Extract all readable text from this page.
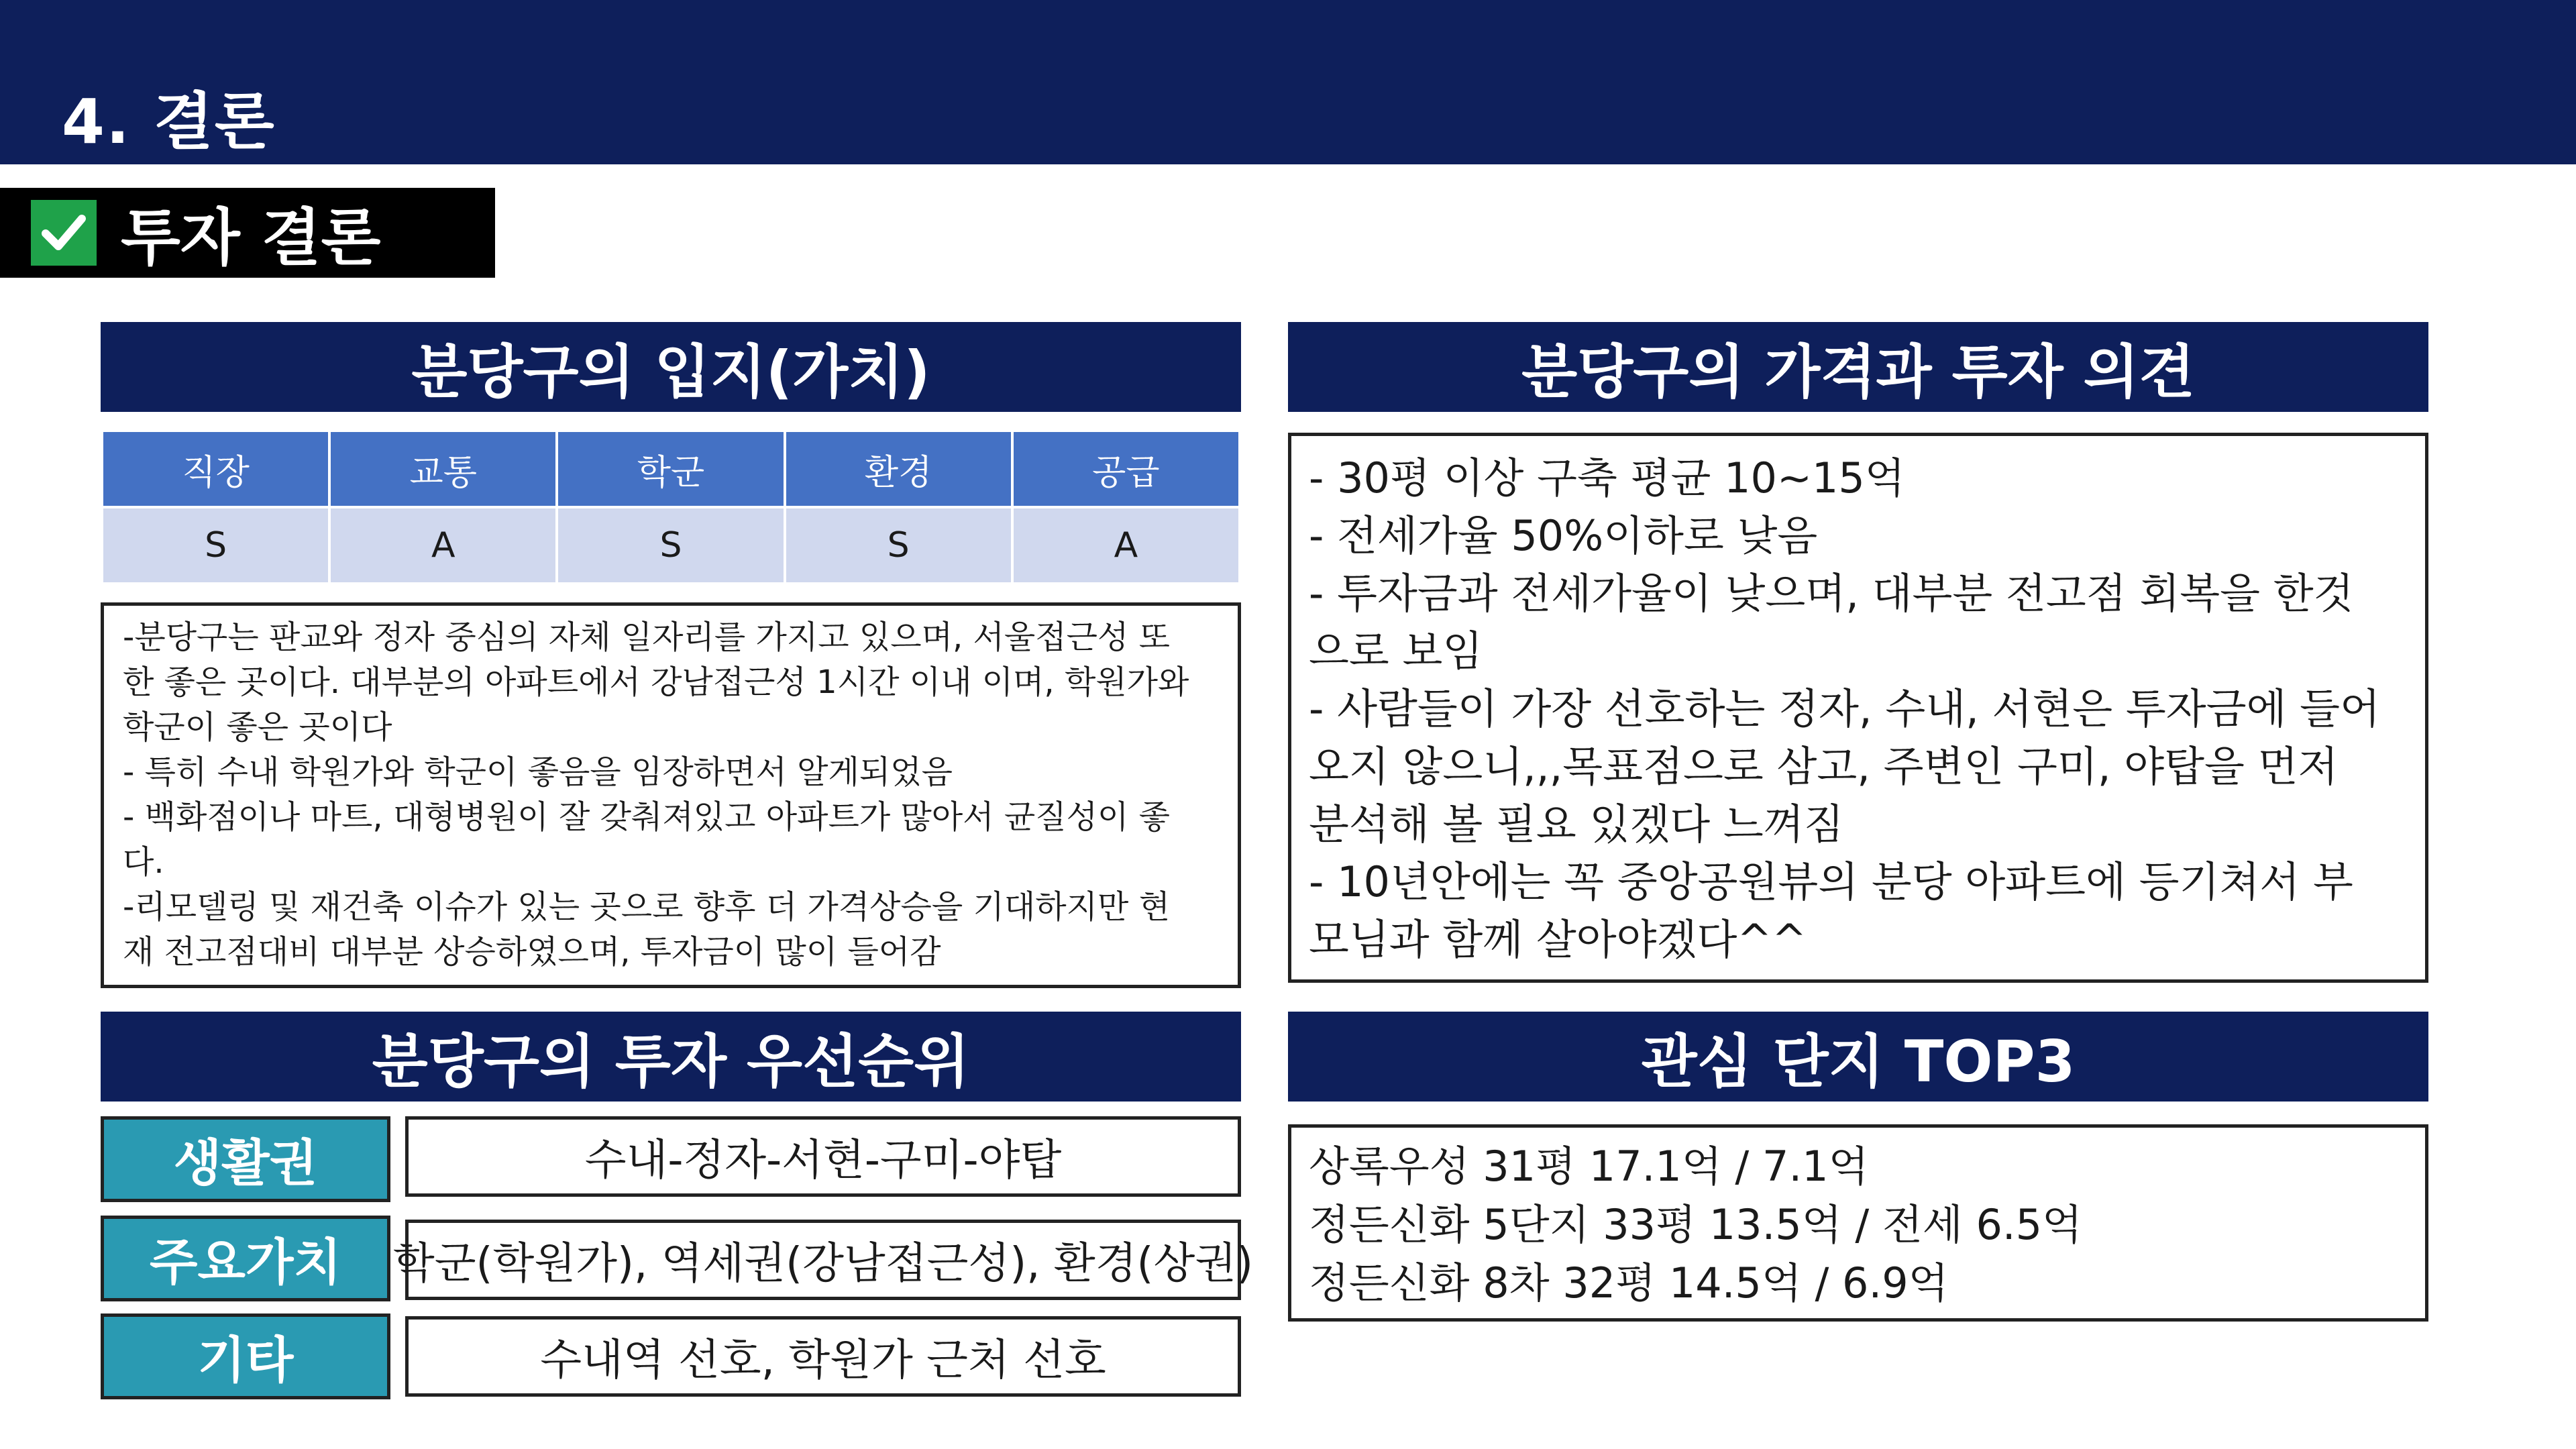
4. 결론
투자 결론
분당구의 입지(가치)
직장	교통	학군	환경	공급
S	A	S	S	A
-분당구는 판교와 정자 중심의 자체 일자리를 가지고 있으며, 서울접근성 또
한 좋은 곳이다. 대부분의 아파트에서 강남접근성 1시간 이내 이며, 학원가와
학군이 좋은 곳이다
- 특히 수내 학원가와 학군이 좋음을 임장하면서 알게되었음
- 백화점이나 마트, 대형병원이 잘 갖춰져있고 아파트가 많아서 균질성이 좋
다.
-리모델링 및 재건축 이슈가 있는 곳으로 향후 더 가격상승을 기대하지만 현
재 전고점대비 대부분 상승하였으며, 투자금이 많이 들어감
분당구의 가격과 투자 의견
- 30평 이상 구축 평균 10~15억
- 전세가율 50%이하로 낮음
- 투자금과 전세가율이 낮으며, 대부분 전고점 회복을 한것
으로 보임
- 사람들이 가장 선호하는 정자, 수내, 서현은 투자금에 들어
오지 않으니,,,목표점으로 삼고, 주변인 구미, 야탑을 먼저
분석해 볼 필요 있겠다 느껴짐
- 10년안에는 꼭 중앙공원뷰의 분당 아파트에 등기쳐서 부
모님과 함께 살아야겠다^^
분당구의 투자 우선순위
생활권	수내-정자-서현-구미-야탑
주요가치	학군(학원가), 역세권(강남접근성), 환경(상권)
기타	수내역 선호, 학원가 근처 선호
관심 단지 TOP3
상록우성 31평 17.1억 / 7.1억
정든신화 5단지 33평 13.5억 / 전세 6.5억
정든신화 8차 32평 14.5억 / 6.9억
